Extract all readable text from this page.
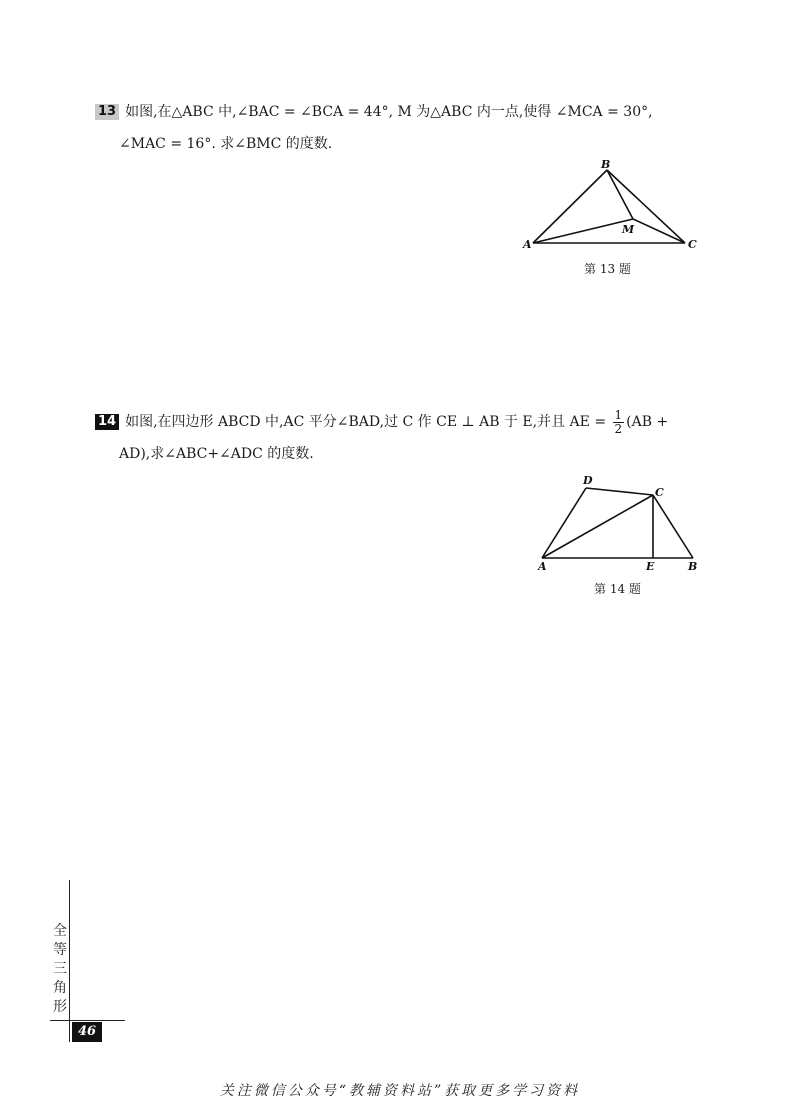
13 如图,在△ABC 中,∠BAC = ∠BCA = 44°, M 为△ABC 内一点,使得 ∠MCA = 30°,
∠MAC = 16°. 求∠BMC 的度数.
A
B
C
M
第 13 题
14 如图,在四边形 ABCD 中,AC 平分∠BAD,过 C 作 CE ⊥ AB 于 E,并且 AE = $\frac{1}{2} (AB$ +
AD),求∠ABC+∠ADC 的度数.
A
D
C
E	B
第 14 题
全
等
三
角
形
46
关注微信公众号“教辅资料站”获取更多学习资料
